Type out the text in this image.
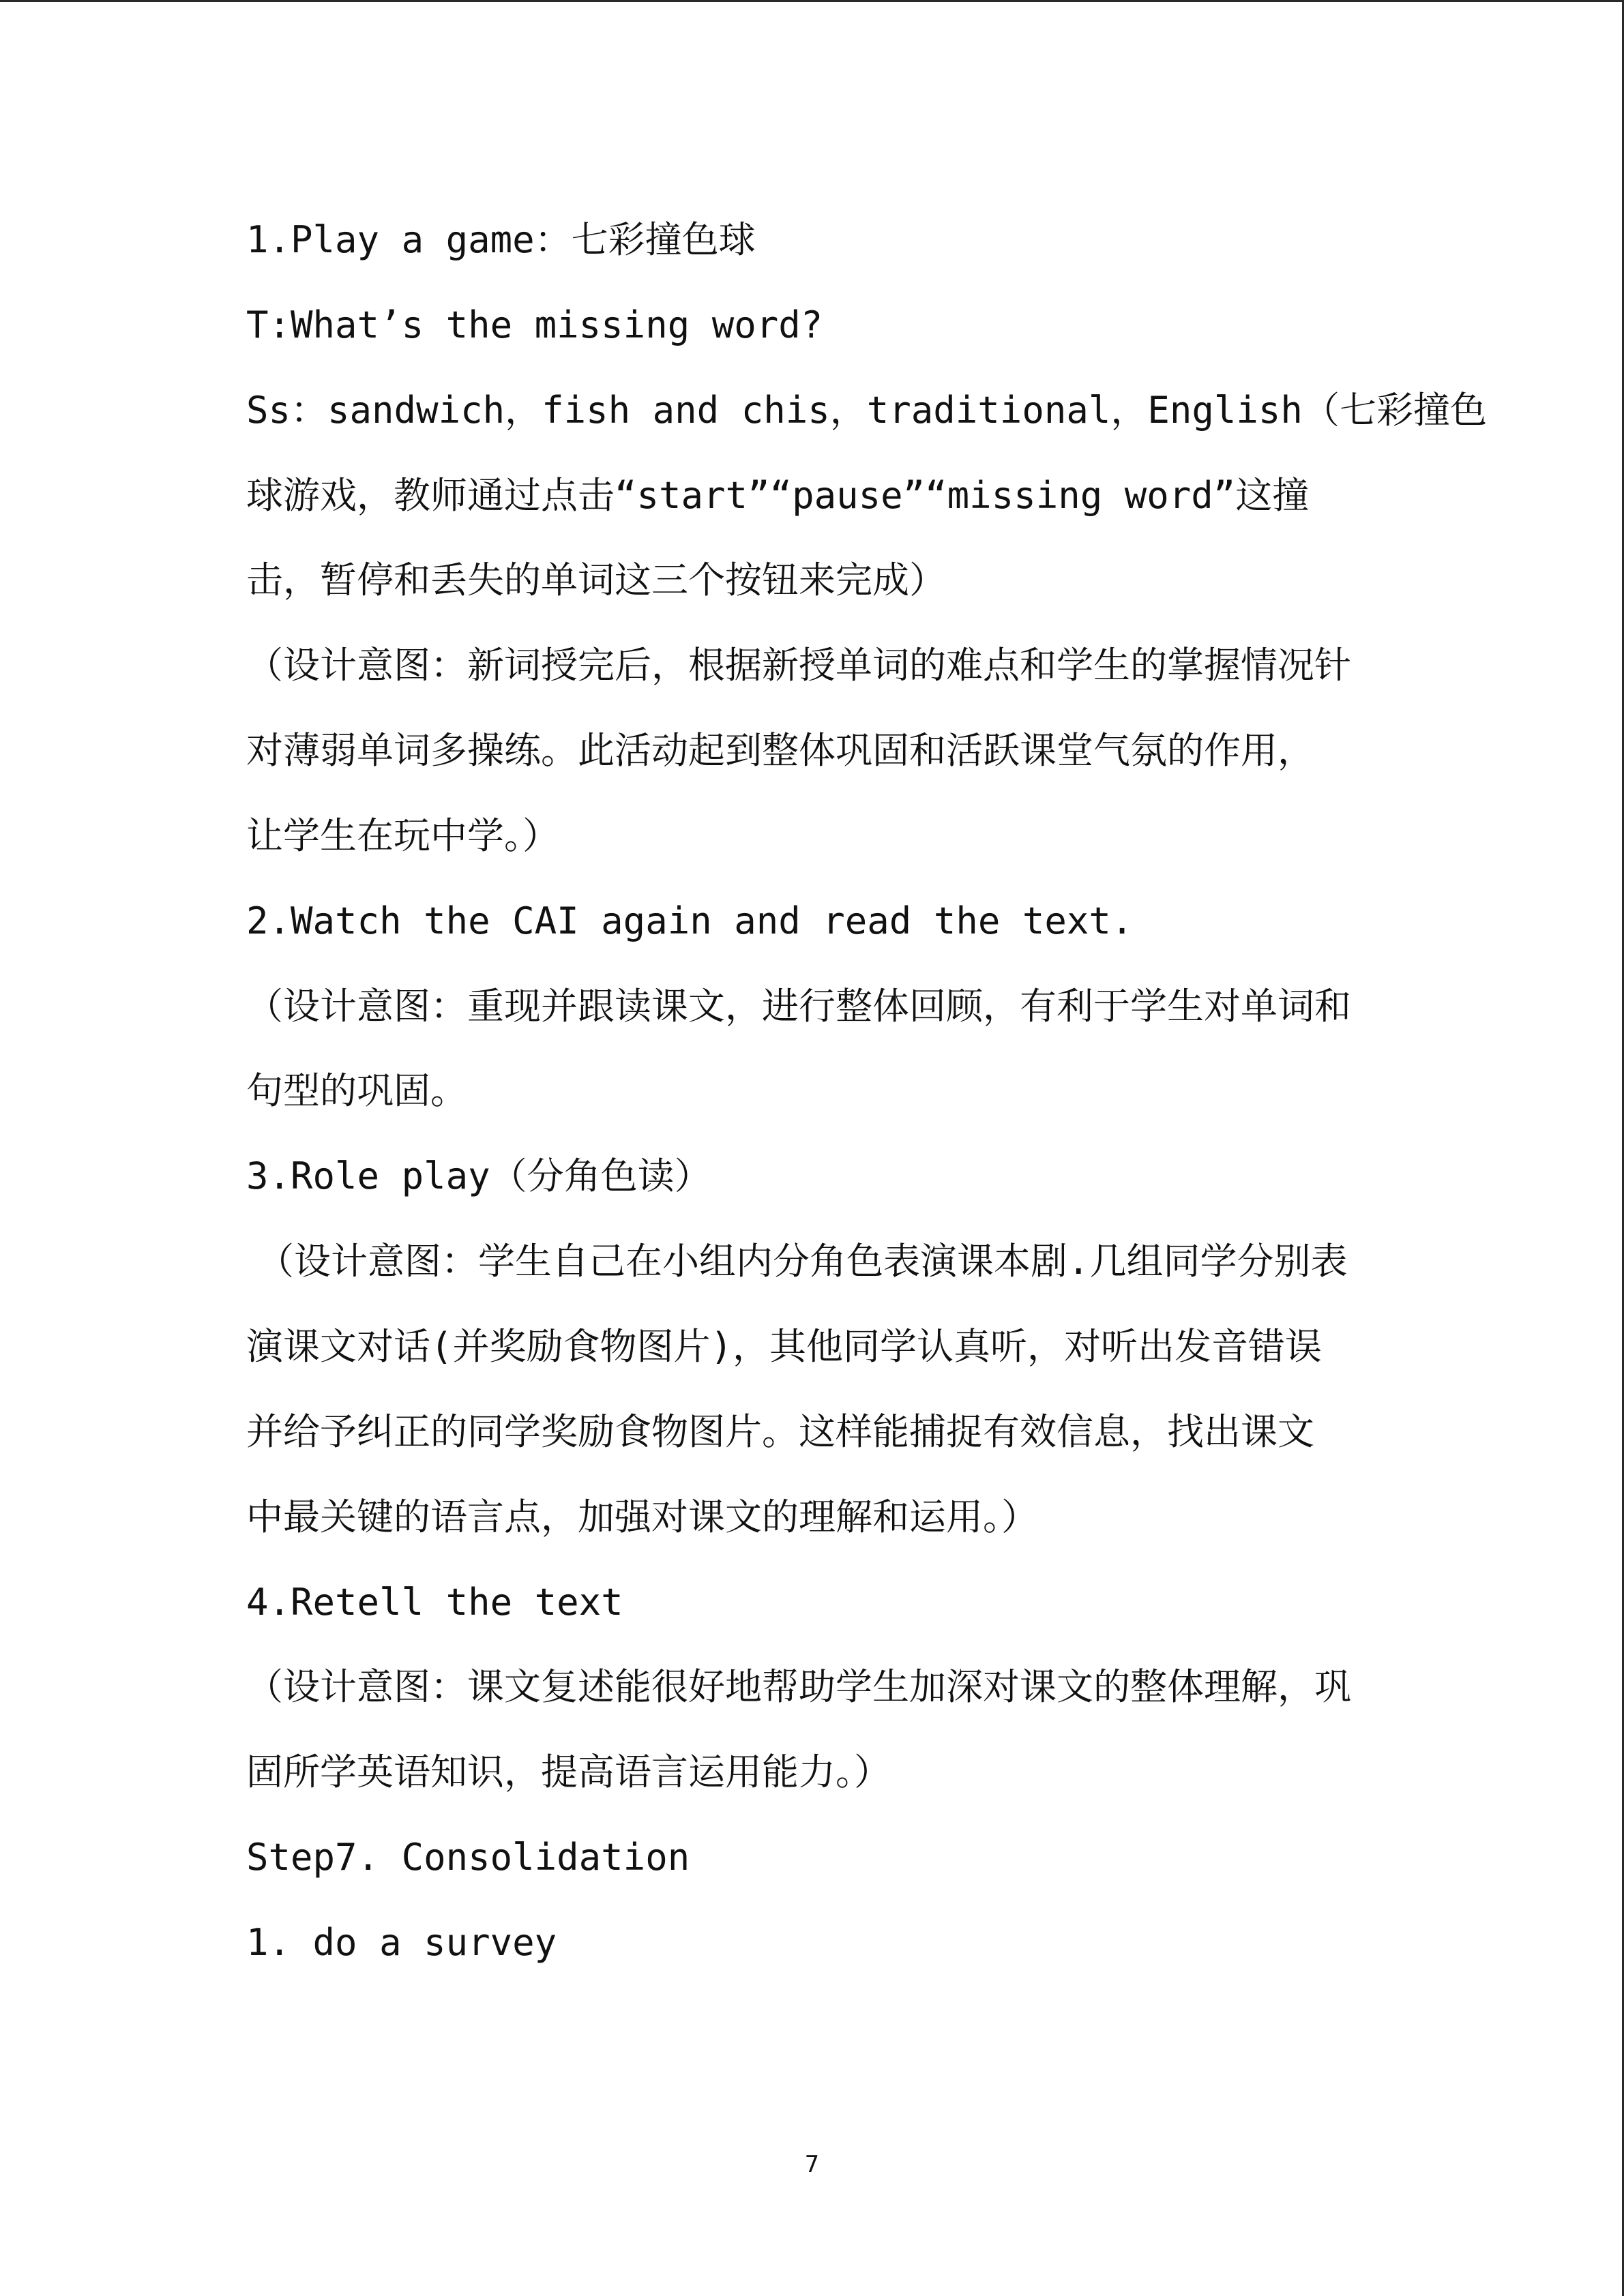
1.Play a game：七彩撞色球
T:What’s the missing word?
Ss：sandwich，fish and chis，traditional，English（七彩撞色
球游戏，教师通过点击“start”“pause”“missing word”这撞
击，暂停和丢失的单词这三个按钮来完成）
（设计意图：新词授完后，根据新授单词的难点和学生的掌握情况针
对薄弱单词多操练。此活动起到整体巩固和活跃课堂气氛的作用，
让学生在玩中学。）
2.Watch the CAI again and read the text.
（设计意图：重现并跟读课文，进行整体回顾，有利于学生对单词和
句型的巩固。
3.Role play（分角色读）
（设计意图：学生自己在小组内分角色表演课本剧.几组同学分别表
演课文对话(并奖励食物图片)，其他同学认真听，对听出发音错误
并给予纠正的同学奖励食物图片。这样能捕捉有效信息，找出课文
中最关键的语言点，加强对课文的理解和运用。）
4.Retell the text
（设计意图：课文复述能很好地帮助学生加深对课文的整体理解，巩
固所学英语知识，提高语言运用能力。）
Step7. Consolidation
1. do a survey
7
